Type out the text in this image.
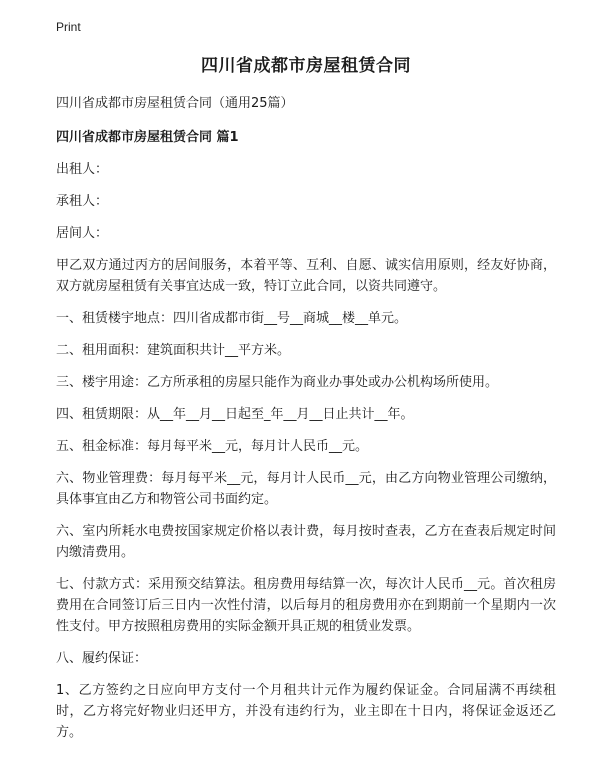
Print
四川省成都市房屋租赁合同
四川省成都市房屋租赁合同（通用25篇）
四川省成都市房屋租赁合同 篇1
出租人：
承租人：
居间人：
甲乙双方通过丙方的居间服务，本着平等、互利、自愿、诚实信用原则，经友好协商，双方就房屋租赁有关事宜达成一致，特订立此合同，以资共同遵守。
一、租赁楼宇地点：四川省成都市街__号__商城__楼__单元。
二、租用面积：建筑面积共计__平方米。
三、楼宇用途：乙方所承租的房屋只能作为商业办事处或办公机构场所使用。
四、租赁期限：从__年__月__日起至_年__月__日止共计__年。
五、租金标准：每月每平米__元，每月计人民币__元。
六、物业管理费：每月每平米__元，每月计人民币__元，由乙方向物业管理公司缴纳，具体事宜由乙方和物管公司书面约定。
六、室内所耗水电费按国家规定价格以表计费，每月按时查表，乙方在查表后规定时间内缴清费用。
七、付款方式：采用预交结算法。租房费用每结算一次，每次计人民币__元。首次租房费用在合同签订后三日内一次性付清，以后每月的租房费用亦在到期前一个星期内一次性支付。甲方按照租房费用的实际金额开具正规的租赁业发票。
八、履约保证：
1、乙方签约之日应向甲方支付一个月租共计元作为履约保证金。合同届满不再续租时，乙方将完好物业归还甲方，并没有违约行为，业主即在十日内，将保证金返还乙方。
